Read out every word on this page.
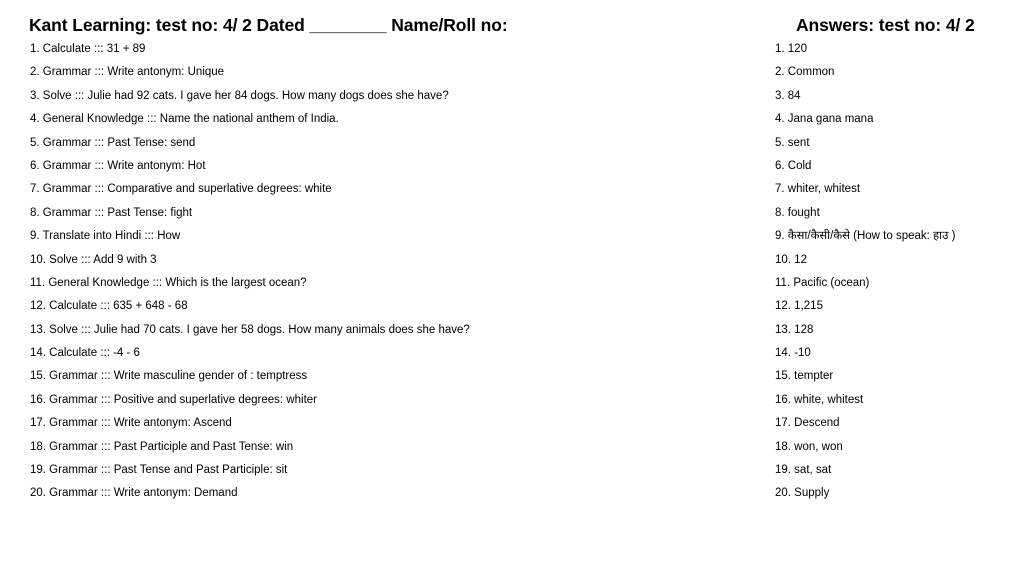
Kant Learning: test no: 4/ 2 Dated ________ Name/Roll no:	Answers: test no: 4/ 2
1. Calculate ::: 31 + 89
2. Grammar ::: Write antonym: Unique
3. Solve ::: Julie had 92 cats. I gave her 84 dogs. How many dogs does she have?
4. General Knowledge ::: Name the national anthem of India.
5. Grammar ::: Past Tense: send
6. Grammar ::: Write antonym: Hot
7. Grammar ::: Comparative and superlative degrees: white
8. Grammar ::: Past Tense: fight
9. Translate into Hindi ::: How
10. Solve ::: Add 9 with 3
11. General Knowledge ::: Which is the largest ocean?
12. Calculate ::: 635 + 648 - 68
13. Solve ::: Julie had 70 cats. I gave her 58 dogs. How many animals does she have?
14. Calculate ::: -4 - 6
15. Grammar ::: Write masculine gender of : temptress
16. Grammar ::: Positive and superlative degrees: whiter
17. Grammar ::: Write antonym: Ascend
18. Grammar ::: Past Participle and Past Tense: win
19. Grammar ::: Past Tense and Past Participle: sit
20. Grammar ::: Write antonym: Demand
1. 120
2. Common
3. 84
4. Jana gana mana
5. sent
6. Cold
7. whiter, whitest
8. fought
9. कैसा/कैसी/कैसे (How to speak: हाउ )
10. 12
11. Pacific (ocean)
12. 1,215
13. 128
14. -10
15. tempter
16. white, whitest
17. Descend
18. won, won
19. sat, sat
20. Supply
